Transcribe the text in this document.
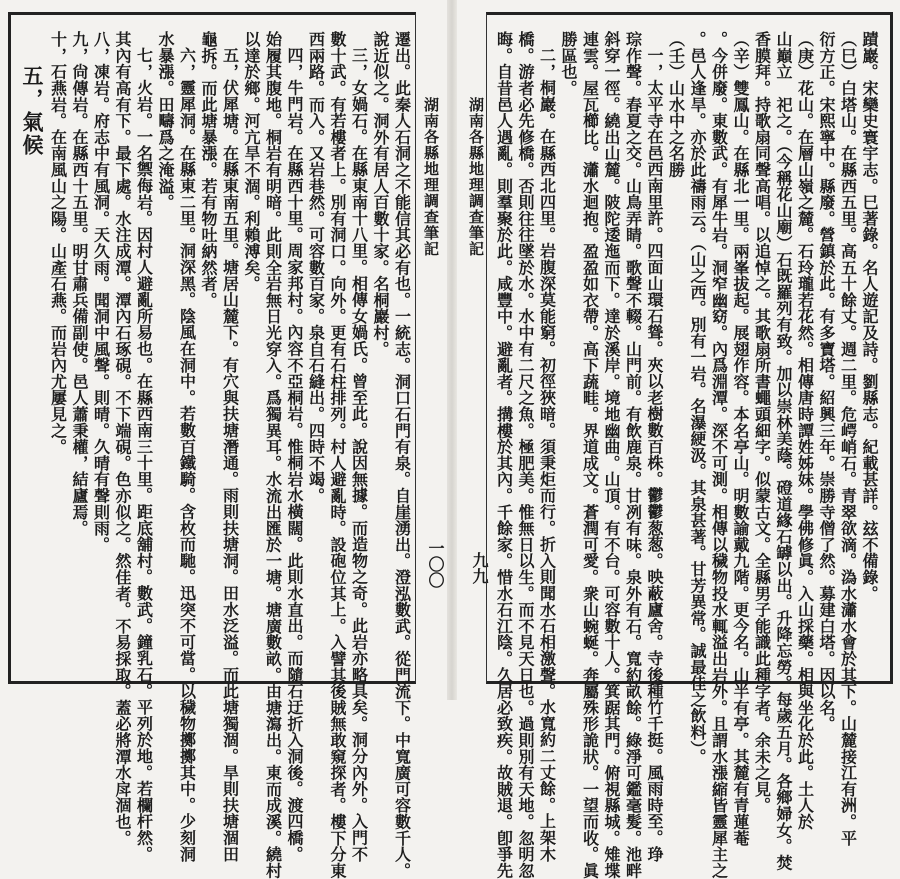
湖南各縣地理調查筆記
一〇〇
遷出。此秦人石洞之不能信其必有也。一統志。洞口石門有泉。自崖湧出。澄泓數武。從門流下。中寬廣可容數千人。
說近似之。洞外有居人百數十家。名桐巖村。
三，女媧石。在縣東南十八里。相傳女媧氏。曾至此。說因無據。而造物之奇。此岩亦略具矣。洞分內外。入門不
數十武。有若樓者上。別有洞口。向外。更有石柱排列。村人避亂時。設砲位其上。入譬其後賊無敢窺探者。樓下分東
西兩路。而入。又岩巷然。可容數百家。泉自石縫出。四時不竭。
四，牛門岩。在縣西十里。周家邦村。內容不亞桐岩。惟桐岩水橫闊。此則水直出。而隨石迂折入洞後。渡四橋。
始履其腹地。桐岩有明暗。此則全岩無日光穿入。爲獨異耳。水流出匯於一塘。塘廣數畝。由塘瀉出。東而成溪。繞村
以達於鄉。河亢旱不涸。利賴溥矣。
五，伏犀塘。在縣東南五里。塘居山麓下。有穴與扶塘潛通。雨則扶塘洞。田水泛溢。而此塘獨涸。旱則扶塘涸田
龜拆。而此塘暴漲。若有物吐納然者。
六，靈犀洞。在縣東二里。洞深黑。陰風在洞中。若數百鐵騎。含枚而馳。迅突不可當。以穢物擲擲其中。少刻洞
水暴漲。田疇爲之淹溢。
七，火岩。一名禦侮岩。因村人避亂所易也。在縣西南三十里。距底舖村。數武。鐘乳石。平列於地。若欄杆然。
其內有高有下。最下處。水注成潭。潭內石琢硯。不下端硯。色亦似之。然佳者。不易採取。蓋必將潭水戽涸也。
八，凍岩。府志中有風洞。天久雨。聞洞中風聲。則晴。久晴有聲則雨。
九，尙傳岩。在縣西十五里。明甘肅兵備副使。邑人蕭秉權，結廬焉。
十，石燕岩。在南風山之陽。山產石燕。而岩內尤屢見之。
五，氣候	湖南各縣地理調查筆記
九九	蹟巖。宋欒史寰宇志。巳著錄。名人遊記及詩。劉縣志。紀載甚詳。玆不備錄。
（巳）白塔山。在縣西五里。高五十餘丈。週二里。危崿峭石。青翠欲滴。溈水瀟水會於其下。山麓接江有洲。平
衍方正。宋熙寧中。縣廢。營鎮於此。有多寶塔。紹興三年。崇勝寺僧了然。募建白塔。因以名。
（庚）花山。在層山嶺之麓。石玲瓏若花然。相傳唐時譚姓姊妹。學佛修眞。入山採藥。相與坐化於此。土人於
山巔立　祀之。（今稱花山廟）石既羅列有致。加以崇林美蔭。磴道緣石罅以出。升降忘勞。每歲五月。各鄉婦女。焚
香膜拜。持歌扇同聲高唱。以追悼之。其歌扇所書蠅頭細字。似蒙古文。全縣男子能識此種字者。余未之見。
（辛）雙鳳山。在縣北一里。兩峯拔起。展翅作容。本名亭山。明數諭戴九階。更今名。山半有亭。其麓有青蓮菴
。今併廢。東數武。有犀牛岩。洞窄幽窈。內爲淵潭。深不可測。相傳以穢物投水輒溢出岩外。且謂水漲縮皆靈犀主之
。邑人逢旱。亦於此禱雨云。（山之西。別有一岩。名瀑綆汲。其泉甚著。甘芳異常。誠最佳之飲料）。
（壬）山水中之名勝
一，太平寺在邑西南里許。四面山環石聳。夾以老樹數百株。鬱鬱葱葱。映蔽廬舍。寺後種竹千挺。風雨時至。琤
琮作聲。春夏之交。山鳥弄睛。歌聲不輟。山門前。有飲鹿泉。甘冽有味。泉外有石。寬約畝餘。綠淨可鑑毫髮。池畔
斜穿一徑。繞出山麓。陂陀逶迤而下。達於溪岸。境地幽曲。山頂。有不台。可容數十人。箕踞其門。俯視縣城。雉堞
連雲。屋瓦櫛比。瀟水迴抱。盈盈如衣帶。高下蔬畦。界道成文。蒼潤可愛。衆山蜿蜒。奔屬殊形詭狀。一望而收。眞
勝區也。
二，桐巖。在縣西北四里。岩腹深莫能窮。初徑狹暗。須秉炬而行。折入則聞水石相激聲。水寬約二丈餘。上架木
橋。游者必先修橋。否則往往墜於水。水中有二尺之魚。極肥美。惟無日以生。而不見天日也。過則別有天地。忽明忽
晦。自昔邑人遇亂。則羣聚於此。咸豐中。避亂者。搆樓於其內。千餘家。惜水石江陰。久居必致疾。故賊退。卽爭先
